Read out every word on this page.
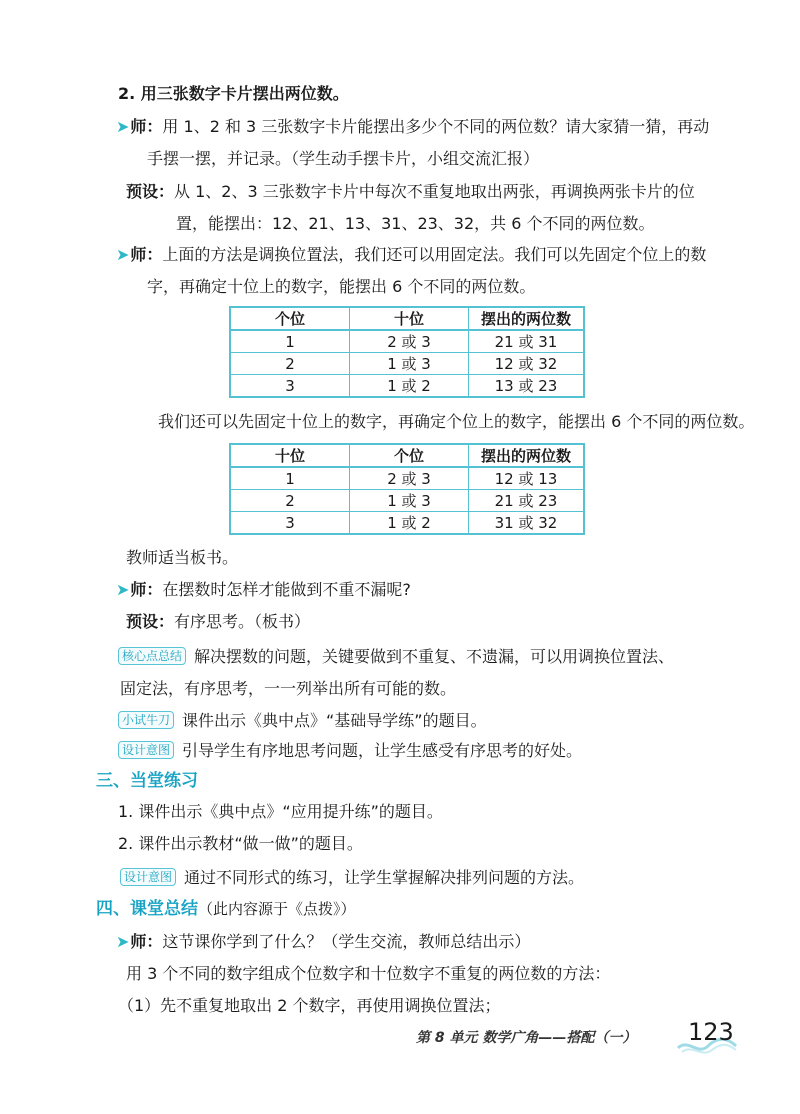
2. 用三张数字卡片摆出两位数。
➤师：用 1、2 和 3 三张数字卡片能摆出多少个不同的两位数？请大家猜一猜，再动
手摆一摆，并记录。（学生动手摆卡片，小组交流汇报）
预设：从 1、2、3 三张数字卡片中每次不重复地取出两张，再调换两张卡片的位
置，能摆出：12、21、13、31、23、32，共 6 个不同的两位数。
➤师：上面的方法是调换位置法，我们还可以用固定法。我们可以先固定个位上的数
字，再确定十位上的数字，能摆出 6 个不同的两位数。
个位	十位	摆出的两位数
1	2 或 3	21 或 31
2	1 或 3	12 或 32
3	1 或 2	13 或 23
我们还可以先固定十位上的数字，再确定个位上的数字，能摆出 6 个不同的两位数。
十位	个位	摆出的两位数
1	2 或 3	12 或 13
2	1 或 3	21 或 23
3	1 或 2	31 或 32
教师适当板书。
➤师：在摆数时怎样才能做到不重不漏呢?
预设：有序思考。（板书）
核心点总结 解决摆数的问题，关键要做到不重复、不遗漏，可以用调换位置法、
固定法，有序思考，一一列举出所有可能的数。
小试牛刀 课件出示《典中点》“基础导学练”的题目。
设计意图 引导学生有序地思考问题，让学生感受有序思考的好处。
三、当堂练习
1. 课件出示《典中点》“应用提升练”的题目。
2. 课件出示教材“做一做”的题目。
设计意图 通过不同形式的练习，让学生掌握解决排列问题的方法。
四、课堂总结（此内容源于《点拨》）
➤师：这节课你学到了什么？（学生交流，教师总结出示）
用 3 个不同的数字组成个位数字和十位数字不重复的两位数的方法：
（1）先不重复地取出 2 个数字，再使用调换位置法；
第 8 单元 数学广角——搭配（一） 123
